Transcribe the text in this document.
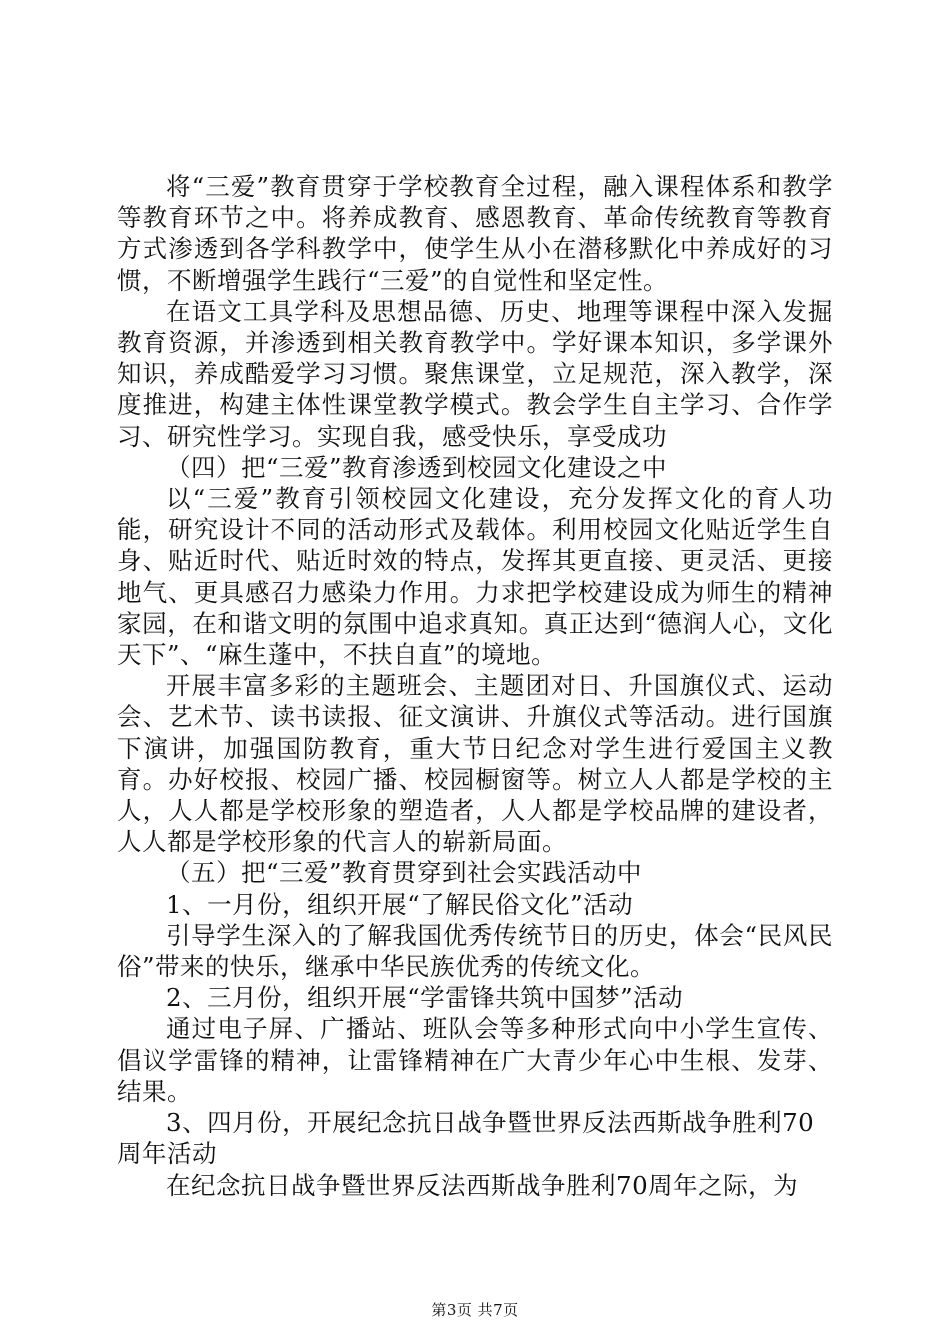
将“三爱”教育贯穿于学校教育全过程，融入课程体系和教学等教育环节之中。将养成教育、感恩教育、革命传统教育等教育方式渗透到各学科教学中，使学生从小在潜移默化中养成好的习惯，不断增强学生践行“三爱”的自觉性和坚定性。

在语文工具学科及思想品德、历史、地理等课程中深入发掘教育资源，并渗透到相关教育教学中。学好课本知识，多学课外知识，养成酷爱学习习惯。聚焦课堂，立足规范，深入教学，深度推进，构建主体性课堂教学模式。教会学生自主学习、合作学习、研究性学习。实现自我，感受快乐，享受成功

（四）把“三爱”教育渗透到校园文化建设之中

以“三爱”教育引领校园文化建设，充分发挥文化的育人功能，研究设计不同的活动形式及载体。利用校园文化贴近学生自身、贴近时代、贴近时效的特点，发挥其更直接、更灵活、更接地气、更具感召力感染力作用。力求把学校建设成为师生的精神家园，在和谐文明的氛围中追求真知。真正达到“德润人心，文化天下”、“麻生蓬中，不扶自直”的境地。

开展丰富多彩的主题班会、主题团对日、升国旗仪式、运动会、艺术节、读书读报、征文演讲、升旗仪式等活动。进行国旗下演讲，加强国防教育，重大节日纪念对学生进行爱国主义教育。办好校报、校园广播、校园橱窗等。树立人人都是学校的主人，人人都是学校形象的塑造者，人人都是学校品牌的建设者，人人都是学校形象的代言人的崭新局面。

（五）把“三爱”教育贯穿到社会实践活动中

1、一月份，组织开展“了解民俗文化”活动

引导学生深入的了解我国优秀传统节日的历史，体会“民风民俗”带来的快乐，继承中华民族优秀的传统文化。

2、三月份，组织开展“学雷锋共筑中国梦”活动

通过电子屏、广播站、班队会等多种形式向中小学生宣传、倡议学雷锋的精神，让雷锋精神在广大青少年心中生根、发芽、结果。

3、四月份，开展纪念抗日战争暨世界反法西斯战争胜利70周年活动

在纪念抗日战争暨世界反法西斯战争胜利70周年之际，为

第3页 共7页
